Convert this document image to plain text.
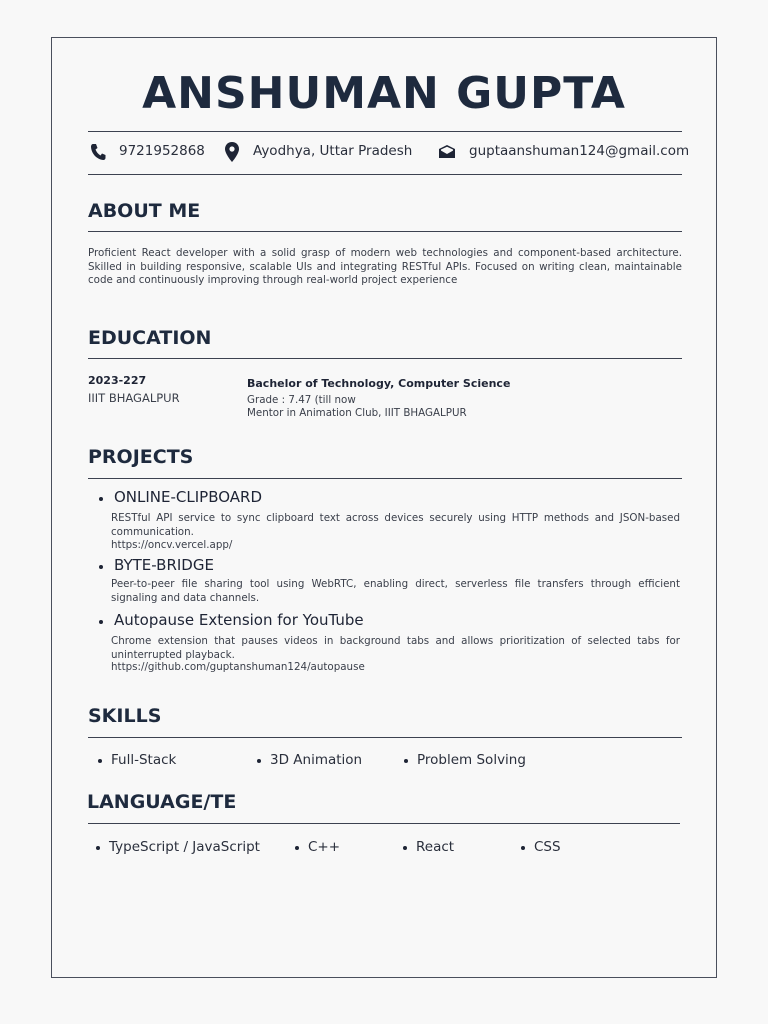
ANSHUMAN GUPTA
9721952868	Ayodhya, Uttar Pradesh	guptaanshuman124@gmail.com
ABOUT ME
Proficient React developer with a solid grasp of modern web technologies and component-based architecture. Skilled in building responsive, scalable UIs and integrating RESTful APIs. Focused on writing clean, maintainable code and continuously improving through real-world project experience
EDUCATION
2023-227
IIIT BHAGALPUR
Bachelor of Technology, Computer Science
Grade : 7.47 (till now
Mentor in Animation Club, IIIT BHAGALPUR
PROJECTS
ONLINE-CLIPBOARD
RESTful API service to sync clipboard text across devices securely using HTTP methods and JSON-based communication.
https://oncv.vercel.app/
BYTE-BRIDGE
Peer-to-peer file sharing tool using WebRTC, enabling direct, serverless file transfers through efficient signaling and data channels.
Autopause Extension for YouTube
Chrome extension that pauses videos in background tabs and allows prioritization of selected tabs for uninterrupted playback.
https://github.com/guptanshuman124/autopause
SKILLS
Full-Stack	3D Animation	Problem Solving
LANGUAGE/TE
TypeScript / JavaScript	C++	React	CSS
